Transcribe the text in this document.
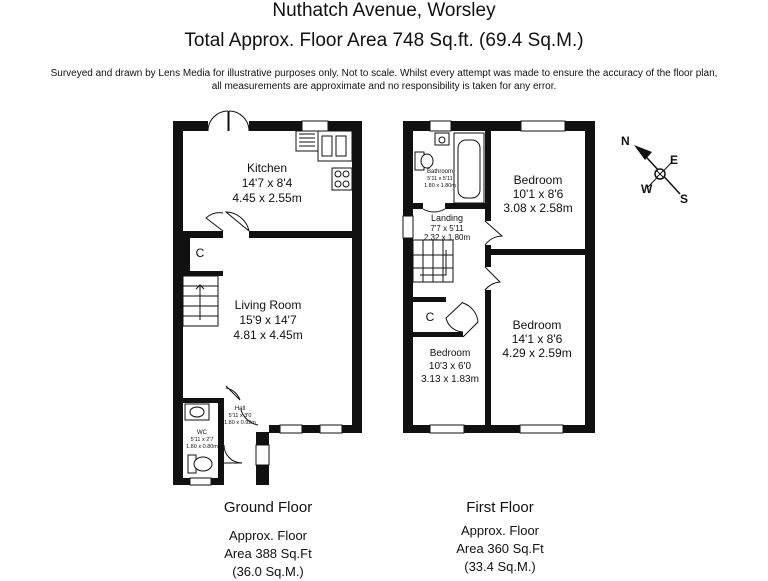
Nuthatch Avenue, Worsley
Total Approx. Floor Area 748 Sq.ft. (69.4 Sq.M.)
Surveyed and drawn by Lens Media for illustrative purposes only. Not to scale. Whilst every attempt was made to ensure the accuracy of the floor plan,
all measurements are approximate and no responsibility is taken for any error.
Kitchen
14'7 x 8'4
4.45 x 2.55m
C
Living Room
15'9 x 14'7
4.81 x 4.45m
Hall
5'11 x 3'0
1.80 x 0.92m
WC
5'11 x 2'7
1.80 x 0.80m
Bathroom
5'11 x 5'11
1.80 x 1.80m	Bedroom
10'1 x 8'6
3.08 x 2.58m
Landing
7'7 x 5'11
2.32 x 1.80m
C
Bedroom
14'1 x 8'6
4.29 x 2.59m
Bedroom
10'3 x 6'0
3.13 x 1.83m
N
E
W
S
Ground Floor
Approx. Floor
Area 388 Sq.Ft
(36.0 Sq.M.)
First Floor
Approx. Floor
Area 360 Sq.Ft
(33.4 Sq.M.)
